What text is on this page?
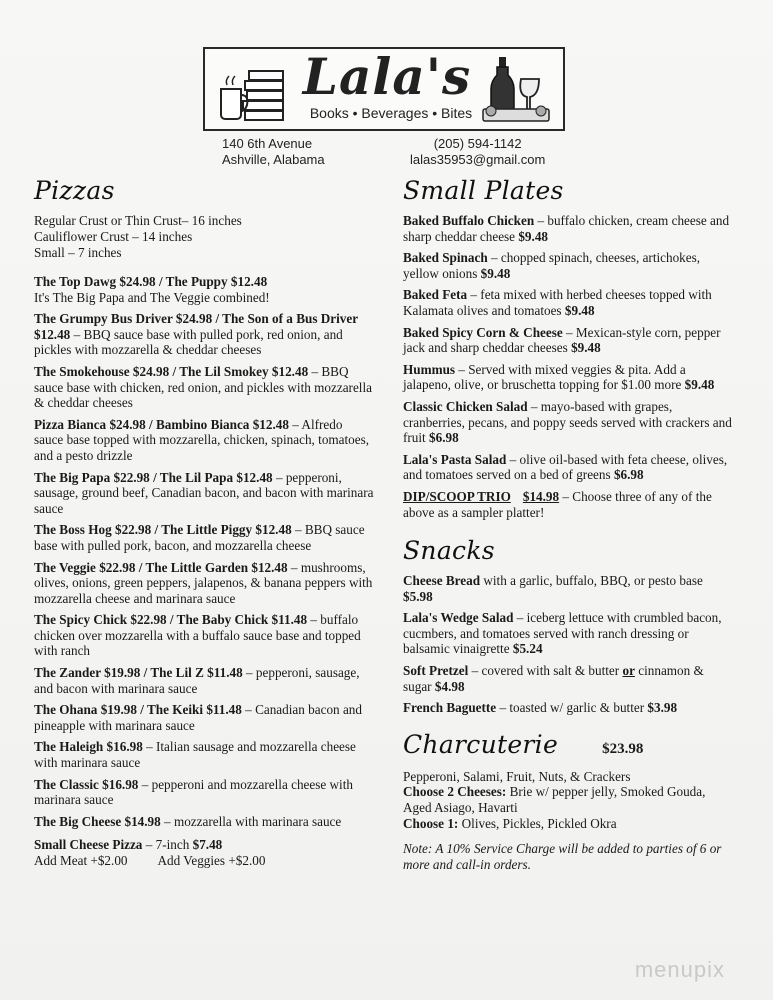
Lala's
Books • Beverages • Bites
140 6th Avenue
Ashville, Alabama
(205) 594-1142
lalas35953@gmail.com
Pizzas
Regular Crust or Thin Crust– 16 inches
Cauliflower Crust – 14 inches
Small – 7 inches
The Top Dawg $24.98 / The Puppy $12.48
It's The Big Papa and The Veggie combined!
The Grumpy Bus Driver $24.98 / The Son of a Bus Driver $12.48 – BBQ sauce base with pulled pork, red onion, and pickles with mozzarella & cheddar cheeses
The Smokehouse $24.98 / The Lil Smokey $12.48 – BBQ sauce base with chicken, red onion, and pickles with mozzarella & cheddar cheeses
Pizza Bianca $24.98 / Bambino Bianca $12.48 – Alfredo sauce base topped with mozzarella, chicken, spinach, tomatoes, and a pesto drizzle
The Big Papa $22.98 / The Lil Papa $12.48 – pepperoni, sausage, ground beef, Canadian bacon, and bacon with marinara sauce
The Boss Hog $22.98 / The Little Piggy $12.48 – BBQ sauce base with pulled pork, bacon, and mozzarella cheese
The Veggie $22.98 / The Little Garden $12.48 – mushrooms, olives, onions, green peppers, jalapenos, & banana peppers with mozzarella cheese and marinara sauce
The Spicy Chick $22.98 / The Baby Chick $11.48 – buffalo chicken over mozzarella with a buffalo sauce base and topped with ranch
The Zander $19.98 / The Lil Z $11.48 – pepperoni, sausage, and bacon with marinara sauce
The Ohana $19.98 / The Keiki $11.48 – Canadian bacon and pineapple with marinara sauce
The Haleigh $16.98 – Italian sausage and mozzarella cheese with marinara sauce
The Classic $16.98 – pepperoni and mozzarella cheese with marinara sauce
The Big Cheese $14.98 – mozzarella with marinara sauce
Small Cheese Pizza – 7-inch $7.48
Add Meat +$2.00 Add Veggies +$2.00
Small Plates
Baked Buffalo Chicken – buffalo chicken, cream cheese and sharp cheddar cheese $9.48
Baked Spinach – chopped spinach, cheeses, artichokes, yellow onions $9.48
Baked Feta – feta mixed with herbed cheeses topped with Kalamata olives and tomatoes $9.48
Baked Spicy Corn & Cheese – Mexican-style corn, pepper jack and sharp cheddar cheeses $9.48
Hummus – Served with mixed veggies & pita. Add a jalapeno, olive, or bruschetta topping for $1.00 more $9.48
Classic Chicken Salad – mayo-based with grapes, cranberries, pecans, and poppy seeds served with crackers and fruit $6.98
Lala's Pasta Salad – olive oil-based with feta cheese, olives, and tomatoes served on a bed of greens $6.98
DIP/SCOOP TRIO $14.98 – Choose three of any of the above as a sampler platter!
Snacks
Cheese Bread with a garlic, buffalo, BBQ, or pesto base $5.98
Lala's Wedge Salad – iceberg lettuce with crumbled bacon, cucmbers, and tomatoes served with ranch dressing or balsamic vinaigrette $5.24
Soft Pretzel – covered with salt & butter or cinnamon & sugar $4.98
French Baguette – toasted w/ garlic & butter $3.98
Charcuterie	$23.98
Pepperoni, Salami, Fruit, Nuts, & Crackers
Choose 2 Cheeses: Brie w/ pepper jelly, Smoked Gouda, Aged Asiago, Havarti
Choose 1: Olives, Pickles, Pickled Okra
Note: A 10% Service Charge will be added to parties of 6 or more and call-in orders.
menupix
